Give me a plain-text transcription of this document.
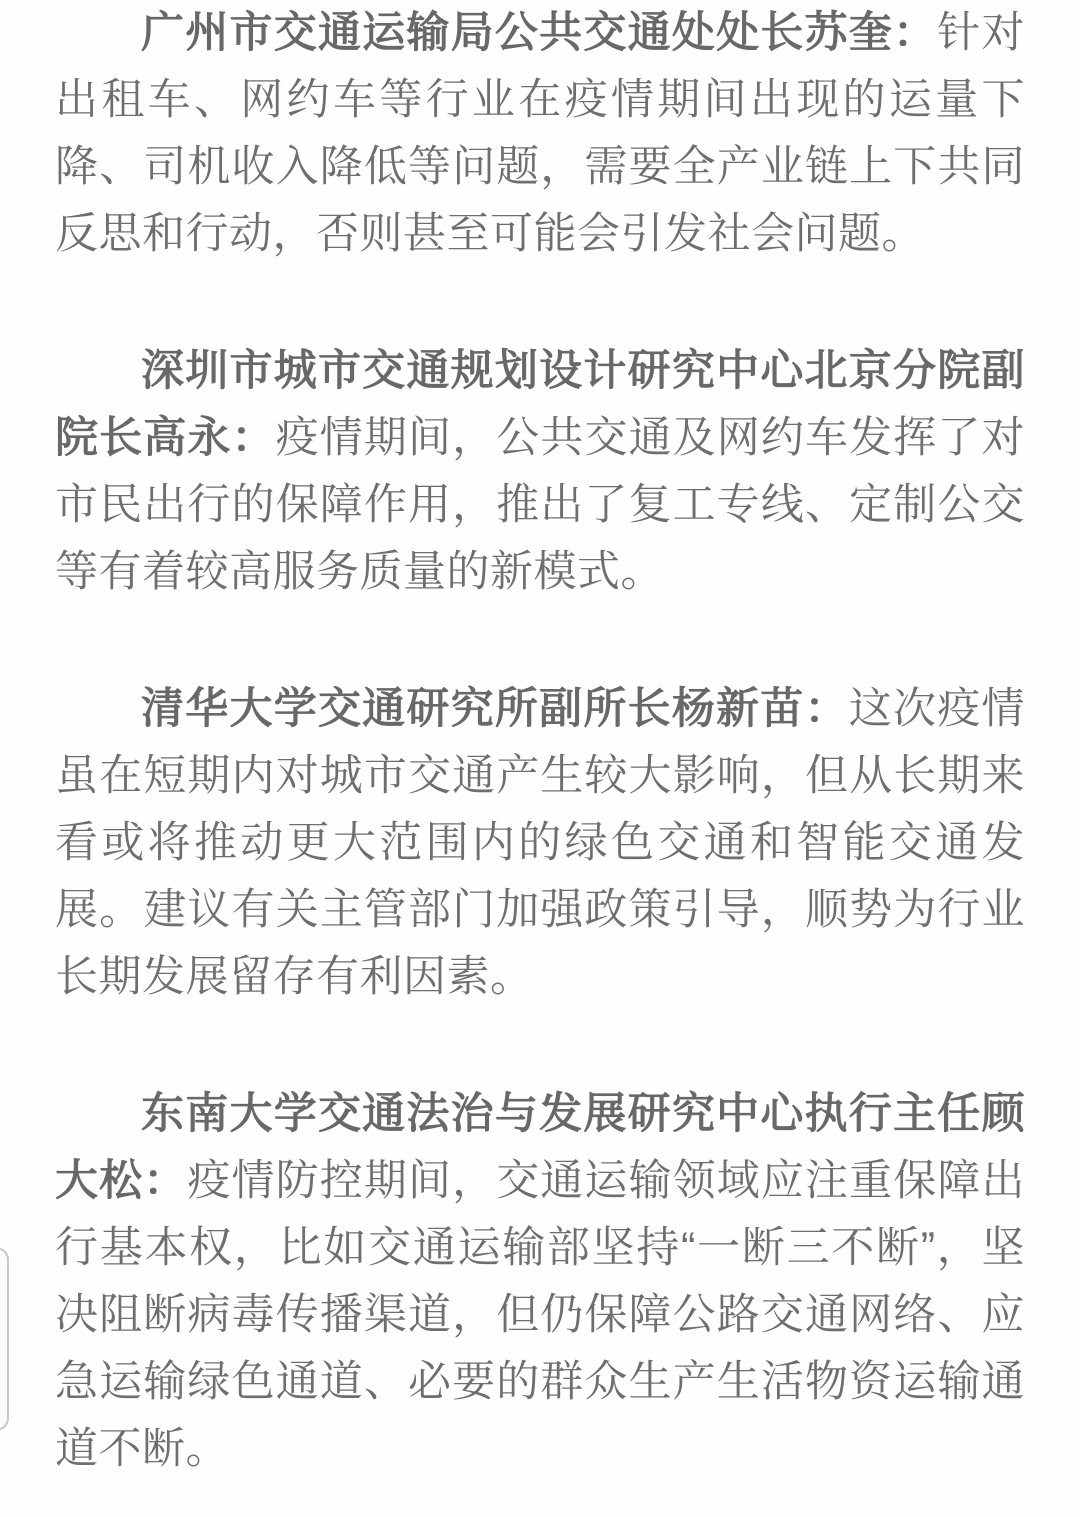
广州市交通运输局公共交通处处长苏奎：针对出租车、网约车等行业在疫情期间出现的运量下降、司机收入降低等问题，需要全产业链上下共同反思和行动，否则甚至可能会引发社会问题。

深圳市城市交通规划设计研究中心北京分院副院长高永：疫情期间，公共交通及网约车发挥了对市民出行的保障作用，推出了复工专线、定制公交等有着较高服务质量的新模式。

清华大学交通研究所副所长杨新苗：这次疫情虽在短期内对城市交通产生较大影响，但从长期来看或将推动更大范围内的绿色交通和智能交通发展。建议有关主管部门加强政策引导，顺势为行业长期发展留存有利因素。

东南大学交通法治与发展研究中心执行主任顾大松：疫情防控期间，交通运输领域应注重保障出行基本权，比如交通运输部坚持“一断三不断”，坚决阻断病毒传播渠道，但仍保障公路交通网络、应急运输绿色通道、必要的群众生产生活物资运输通道不断。
